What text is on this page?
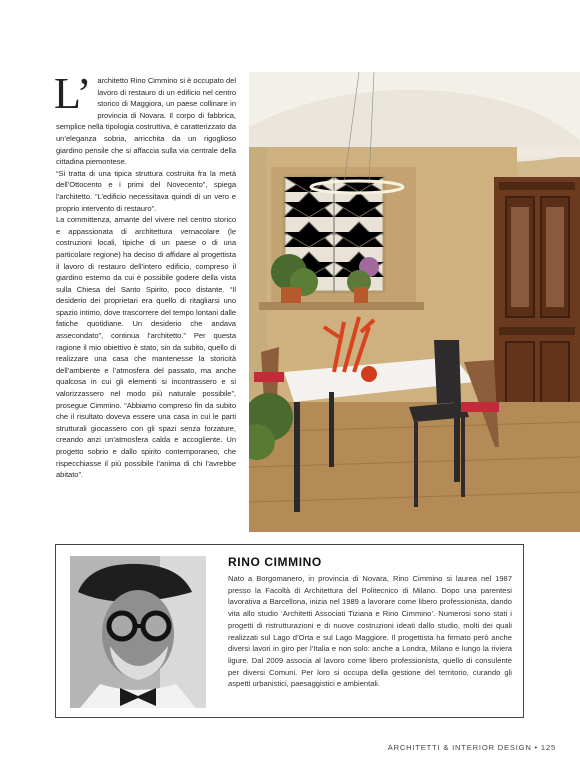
L’ architetto Rino Cimmino si è occupato del lavoro di restauro di un edificio nel centro storico di Maggiora, un paese collinare in provincia di Novara. Il corpo di fabbrica, semplice nella tipologia costruttiva, è caratterizzato da un’eleganza sobria, arricchita da un rigoglioso giardino pensile che si affaccia sulla via centrale della cittadina piemontese.

“Si tratta di una tipica struttura costruita fra la metà dell’Ottocento e i primi del Novecento”, spiega l’architetto. “L’edificio necessitava quindi di un vero e proprio intervento di restauro”.

La committenza, amante del vivere nel centro storico e appassionata di architettura vernacolare (le costruzioni locali, tipiche di un paese o di una particolare regione) ha deciso di affidare al progettista il lavoro di restauro dell’intero edificio, compreso il giardino esterno da cui è possibile godere della vista sulla Chiesa del Santo Spirito, poco distante. “Il desiderio dei proprietari era quello di ritagliarsi uno spazio intimo, dove trascorrere del tempo lontani dalle fatiche quotidiane. Un desiderio che andava assecondato”, continua l’architetto.” Per questa ragione il mio obiettivo è stato, sin da subito, quello di realizzare una casa che mantenesse la storicità dell’ambiente e l’atmosfera del passato, ma anche qualcosa in cui gli elementi si incontrassero e si valorizzassero nel modo più naturale possibile”, prosegue Cimmino. “Abbiamo compreso fin da subito che il risultato doveva essere una casa in cui le parti strutturali giocassero con gli spazi senza forzature, creando anzi un’atmosfera calda e accogliente. Un progetto sobrio e dallo spirito contemporaneo, che rispecchiasse il più possibile l’anima di chi l’avrebbe abitato”.

RINO CIMMINO
Nato a Borgomanero, in provincia di Novara, Rino Cimmino si laurea nel 1987 presso la Facoltà di Architettura del Politecnico di Milano. Dopo una parentesi lavorativa a Barcellona, inizia nel 1989 a lavorare come libero professionista, dando vita allo studio ‘Architetti Associati Tiziana e Rino Cimmino’. Numerosi sono stati i progetti di ristrutturazioni e di nuove costruzioni ideati dallo studio, molti dei quali realizzati sul Lago d’Orta e sul Lago Maggiore. Il progettista ha firmato però anche diversi lavori in giro per l’Italia e non solo: anche a Londra, Milano e lungo la riviera ligure. Dal 2009 associa al lavoro come libero professionista, quello di consulente per diversi Comuni. Per loro si occupa della gestione del territorio, curando gli aspetti urbanistici, paesaggistici e ambientali.
ARCHITETTI & INTERIOR DESIGN • 125
